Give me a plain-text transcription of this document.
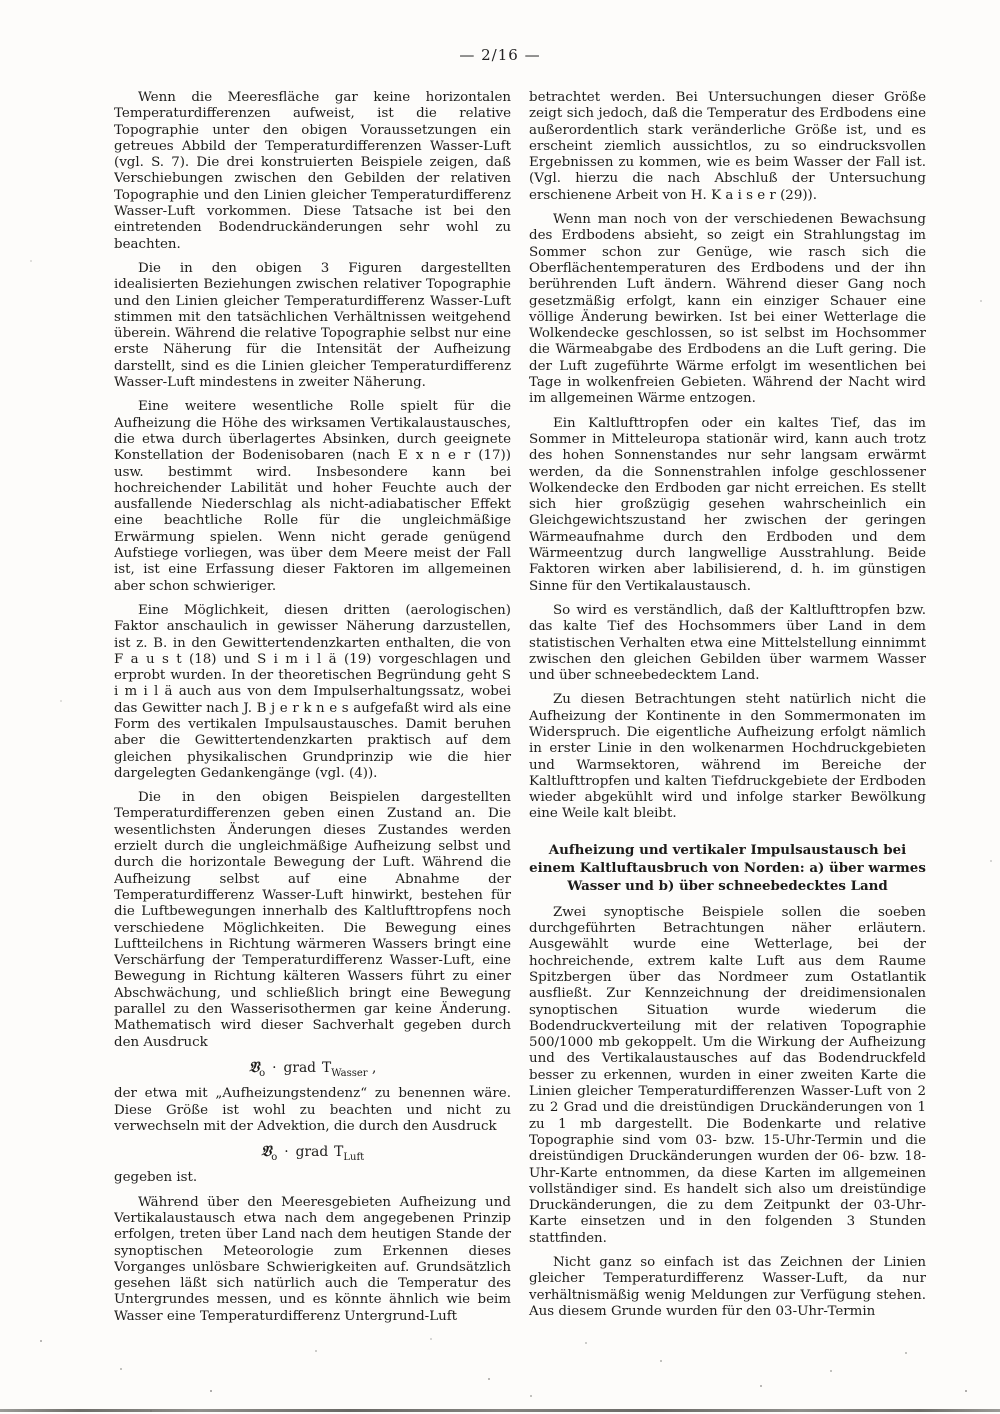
— 2/16 —

Wenn die Meeresfläche gar keine horizontalen Temperaturdifferenzen aufweist, ist die relative Topographie unter den obigen Voraussetzungen ein getreues Abbild der Temperaturdifferenzen Wasser-Luft (vgl. S. 7). Die drei konstruierten Beispiele zeigen, daß Verschiebungen zwischen den Gebilden der relativen Topographie und den Linien gleicher Temperaturdifferenz Wasser-Luft vorkommen. Diese Tatsache ist bei den eintretenden Bodendruckänderungen sehr wohl zu beachten.

Die in den obigen 3 Figuren dargestellten idealisierten Beziehungen zwischen relativer Topographie und den Linien gleicher Temperaturdifferenz Wasser-Luft stimmen mit den tatsächlichen Verhältnissen weitgehend überein. Während die relative Topographie selbst nur eine erste Näherung für die Intensität der Aufheizung darstellt, sind es die Linien gleicher Temperaturdifferenz Wasser-Luft mindestens in zweiter Näherung.

Eine weitere wesentliche Rolle spielt für die Aufheizung die Höhe des wirksamen Vertikalaustausches, die etwa durch überlagertes Absinken, durch geeignete Konstellation der Bodenisobaren (nach E x n e r (17)) usw. bestimmt wird. Insbesondere kann bei hochreichender Labilität und hoher Feuchte auch der ausfallende Niederschlag als nicht-adiabatischer Effekt eine beachtliche Rolle für die ungleichmäßige Erwärmung spielen. Wenn nicht gerade genügend Aufstiege vorliegen, was über dem Meere meist der Fall ist, ist eine Erfassung dieser Faktoren im allgemeinen aber schon schwieriger.

Eine Möglichkeit, diesen dritten (aerologischen) Faktor anschaulich in gewisser Näherung darzustellen, ist z. B. in den Gewittertendenzkarten enthalten, die von F a u s t (18) und S i m i l ä (19) vorgeschlagen und erprobt wurden. In der theoretischen Begründung geht S i m i l ä auch aus von dem Impulserhaltungssatz, wobei das Gewitter nach J. B j e r k n e s aufgefaßt wird als eine Form des vertikalen Impulsaustausches. Damit beruhen aber die Gewittertendenzkarten praktisch auf dem gleichen physikalischen Grundprinzip wie die hier dargelegten Gedankengänge (vgl. (4)).

Die in den obigen Beispielen dargestellten Temperaturdifferenzen geben einen Zustand an. Die wesentlichsten Änderungen dieses Zustandes werden erzielt durch die ungleichmäßige Aufheizung selbst und durch die horizontale Bewegung der Luft. Während die Aufheizung selbst auf eine Abnahme der Temperaturdifferenz Wasser-Luft hinwirkt, bestehen für die Luftbewegungen innerhalb des Kaltlufttropfens noch verschiedene Möglichkeiten. Die Bewegung eines Luftteilchens in Richtung wärmeren Wassers bringt eine Verschärfung der Temperaturdifferenz Wasser-Luft, eine Bewegung in Richtung kälteren Wassers führt zu einer Abschwächung, und schließlich bringt eine Bewegung parallel zu den Wasserisothermen gar keine Änderung. Mathematisch wird dieser Sachverhalt gegeben durch den Ausdruck

𝔙$_o$ · grad $T_{Wasser}$ ,

der etwa mit „Aufheizungstendenz“ zu benennen wäre. Diese Größe ist wohl zu beachten und nicht zu verwechseln mit der Advektion, die durch den Ausdruck

𝔙$_o$ · grad $T_{Luft}$

gegeben ist.

Während über den Meeresgebieten Aufheizung und Vertikalaustausch etwa nach dem angegebenen Prinzip erfolgen, treten über Land nach dem heutigen Stande der synoptischen Meteorologie zum Erkennen dieses Vorganges unlösbare Schwierigkeiten auf. Grundsätzlich gesehen läßt sich natürlich auch die Temperatur des Untergrundes messen, und es könnte ähnlich wie beim Wasser eine Temperaturdifferenz Untergrund-Luft

betrachtet werden. Bei Untersuchungen dieser Größe zeigt sich jedoch, daß die Temperatur des Erdbodens eine außerordentlich stark veränderliche Größe ist, und es erscheint ziemlich aussichtlos, zu so eindrucksvollen Ergebnissen zu kommen, wie es beim Wasser der Fall ist. (Vgl. hierzu die nach Abschluß der Untersuchung erschienene Arbeit von H. K a i s e r (29)).

Wenn man noch von der verschiedenen Bewachsung des Erdbodens absieht, so zeigt ein Strahlungstag im Sommer schon zur Genüge, wie rasch sich die Oberflächentemperaturen des Erdbodens und der ihn berührenden Luft ändern. Während dieser Gang noch gesetzmäßig erfolgt, kann ein einziger Schauer eine völlige Änderung bewirken. Ist bei einer Wetterlage die Wolkendecke geschlossen, so ist selbst im Hochsommer die Wärmeabgabe des Erdbodens an die Luft gering. Die der Luft zugeführte Wärme erfolgt im wesentlichen bei Tage in wolkenfreien Gebieten. Während der Nacht wird im allgemeinen Wärme entzogen.

Ein Kaltlufttropfen oder ein kaltes Tief, das im Sommer in Mitteleuropa stationär wird, kann auch trotz des hohen Sonnenstandes nur sehr langsam erwärmt werden, da die Sonnenstrahlen infolge geschlossener Wolkendecke den Erdboden gar nicht erreichen. Es stellt sich hier großzügig gesehen wahrscheinlich ein Gleichgewichtszustand her zwischen der geringen Wärmeaufnahme durch den Erdboden und dem Wärmeentzug durch langwellige Ausstrahlung. Beide Faktoren wirken aber labilisierend, d. h. im günstigen Sinne für den Vertikalaustausch.

So wird es verständlich, daß der Kaltlufttropfen bzw. das kalte Tief des Hochsommers über Land in dem statistischen Verhalten etwa eine Mittelstellung einnimmt zwischen den gleichen Gebilden über warmem Wasser und über schneebedecktem Land.

Zu diesen Betrachtungen steht natürlich nicht die Aufheizung der Kontinente in den Sommermonaten im Widerspruch. Die eigentliche Aufheizung erfolgt nämlich in erster Linie in den wolkenarmen Hochdruckgebieten und Warmsektoren, während im Bereiche der Kaltlufttropfen und kalten Tiefdruckgebiete der Erdboden wieder abgekühlt wird und infolge starker Bewölkung eine Weile kalt bleibt.

Aufheizung und vertikaler Impulsaustausch bei einem Kaltluftausbruch von Norden: a) über warmes Wasser und b) über schneebedecktes Land

Zwei synoptische Beispiele sollen die soeben durchgeführten Betrachtungen näher erläutern. Ausgewählt wurde eine Wetterlage, bei der hochreichende, extrem kalte Luft aus dem Raume Spitzbergen über das Nordmeer zum Ostatlantik ausfließt. Zur Kennzeichnung der dreidimensionalen synoptischen Situation wurde wiederum die Bodendruckverteilung mit der relativen Topographie 500/1000 mb gekoppelt. Um die Wirkung der Aufheizung und des Vertikalaustausches auf das Bodendruckfeld besser zu erkennen, wurden in einer zweiten Karte die Linien gleicher Temperaturdifferenzen Wasser-Luft von 2 zu 2 Grad und die dreistündigen Druckänderungen von 1 zu 1 mb dargestellt. Die Bodenkarte und relative Topographie sind vom 03- bzw. 15-Uhr-Termin und die dreistündigen Druckänderungen wurden der 06- bzw. 18-Uhr-Karte entnommen, da diese Karten im allgemeinen vollständiger sind. Es handelt sich also um dreistündige Druckänderungen, die zu dem Zeitpunkt der 03-Uhr-Karte einsetzen und in den folgenden 3 Stunden stattfinden.

Nicht ganz so einfach ist das Zeichnen der Linien gleicher Temperaturdifferenz Wasser-Luft, da nur verhältnismäßig wenig Meldungen zur Verfügung stehen. Aus diesem Grunde wurden für den 03-Uhr-Termin
